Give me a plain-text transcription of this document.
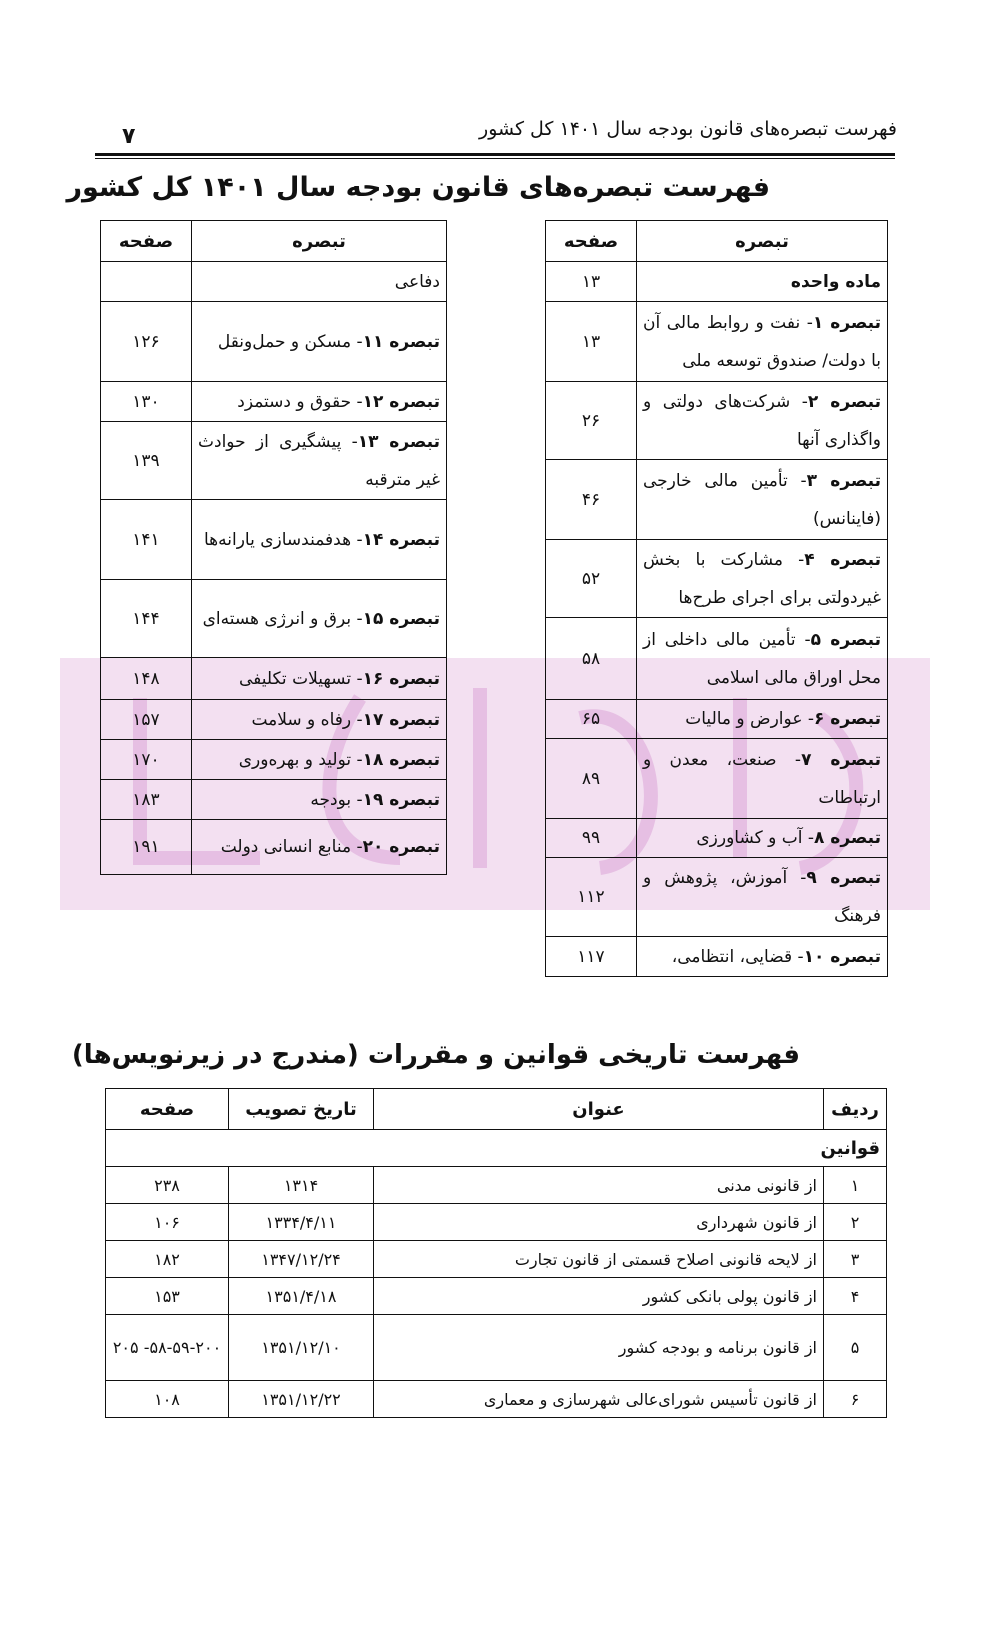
فهرست تبصره‌های قانون بودجه سال ۱۴۰۱ کل کشور
۷
فهرست تبصره‌های قانون بودجه سال ۱۴۰۱ کل کشور
تبصره	صفحه
ماده واحده	۱۳
تبصره ۱- نفت و روابط مالی آن با دولت/ صندوق توسعه ملی	۱۳
تبصره ۲- شرکت‌های دولتی و واگذاری آنها	۲۶
تبصره ۳- تأمین مالی خارجی (فاینانس)	۴۶
تبصره ۴- مشارکت با بخش غیردولتی برای اجرای طرح‌ها	۵۲
تبصره ۵- تأمین مالی داخلی از محل اوراق مالی اسلامی	۵۸
تبصره ۶- عوارض و مالیات	۶۵
تبصره ۷- صنعت، معدن و ارتباطات	۸۹
تبصره ۸- آب و کشاورزی	۹۹
تبصره ۹- آموزش، پژوهش و فرهنگ	۱۱۲
تبصره ۱۰- قضایی، انتظامی،	۱۱۷
تبصره	صفحه
دفاعی	
تبصره ۱۱- مسکن و حمل‌ونقل	۱۲۶
تبصره ۱۲- حقوق و دستمزد	۱۳۰
تبصره ۱۳- پیشگیری از حوادث غیر مترقبه	۱۳۹
تبصره ۱۴- هدفمندسازی یارانه‌ها	۱۴۱
تبصره ۱۵- برق و انرژی هسته‌ای	۱۴۴
تبصره ۱۶- تسهیلات تکلیفی	۱۴۸
تبصره ۱۷- رفاه و سلامت	۱۵۷
تبصره ۱۸- تولید و بهره‌وری	۱۷۰
تبصره ۱۹- بودجه	۱۸۳
تبصره ۲۰- منابع انسانی دولت	۱۹۱
فهرست تاریخی قوانین و مقررات (مندرج در زیرنویس‌ها)
ردیف	عنوان	تاریخ تصویب	صفحه
قوانین			
۱	از قانونی مدنی	۱۳۱۴	۲۳۸
۲	از قانون شهرداری	۱۳۳۴/۴/۱۱	۱۰۶
۳	از لایحه قانونی اصلاح قسمتی از قانون تجارت	۱۳۴۷/۱۲/۲۴	۱۸۲
۴	از قانون پولی بانکی کشور	۱۳۵۱/۴/۱۸	۱۵۳
۵	از قانون برنامه و بودجه کشور	۱۳۵۱/۱۲/۱۰	۵۸-۵۹-۲۰۰- ۲۰۵
۶	از قانون تأسیس شورای‌عالی شهرسازی و معماری	۱۳۵۱/۱۲/۲۲	۱۰۸
